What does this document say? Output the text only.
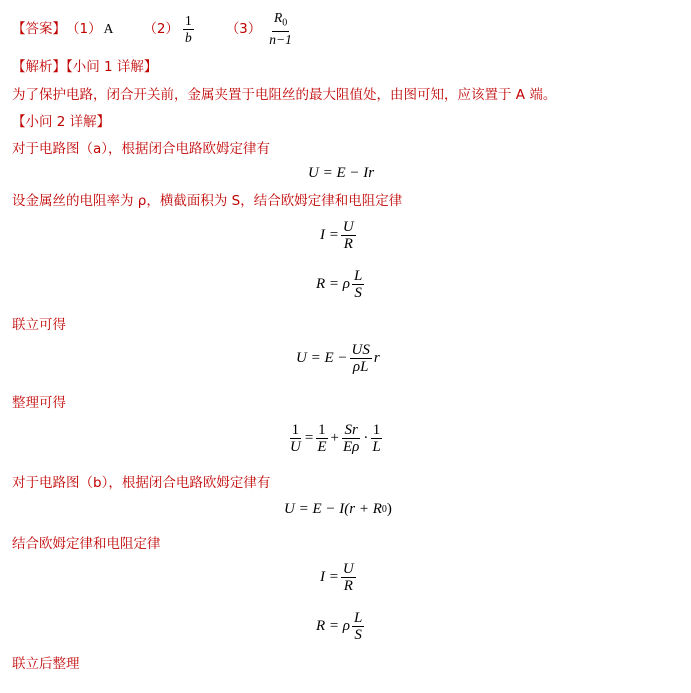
【答案】 （1） A $(2) \frac{1}{b} (3) \frac{R_0}{n-1}$
【解析】【小问 1 详解】
为了保护电路，闭合开关前，金属夹置于电阻丝的最大阻值处，由图可知，应该置于 A 端。
【小问 2 详解】
对于电路图（a），根据闭合电路欧姆定律有
U = E − Ir
设金属丝的电阻率为 ρ，横截面积为 S，结合欧姆定律和电阻定律
$I = \frac{U}{R}$
R = ρ $\frac{L}{S}$
联立可得
$U = E - \frac{US}{\rho L}$ r
整理可得
$\frac{1}{U} = \frac{1}{E} + \frac{Sr}{E\rho} \cdot \frac{1}{L}$
对于电路图（b），根据闭合电路欧姆定律有
U = E − I(r + R 0 )
结合欧姆定律和电阻定律
$I = \frac{U}{R}$
R = ρ $\frac{L}{S}$
联立后整理
